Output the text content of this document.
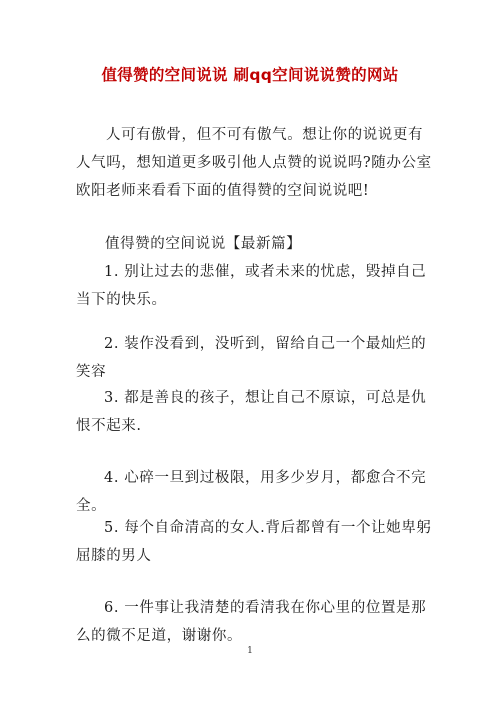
值得赞的空间说说 刷qq空间说说赞的网站
人可有傲骨，但不可有傲气。想让你的说说更有人气吗，想知道更多吸引他人点赞的说说吗?随办公室欧阳老师来看看下面的值得赞的空间说说吧!
值得赞的空间说说【最新篇】
1. 别让过去的悲催，或者未来的忧虑，毁掉自己当下的快乐。
2. 装作没看到，没听到，留给自己一个最灿烂的笑容
3. 都是善良的孩子，想让自己不原谅，可总是仇恨不起来.
4. 心碎一旦到过极限，用多少岁月，都愈合不完全。
5. 每个自命清高的女人.背后都曾有一个让她卑躬屈膝的男人
6. 一件事让我清楚的看清我在你心里的位置是那么的微不足道，谢谢你。
1
